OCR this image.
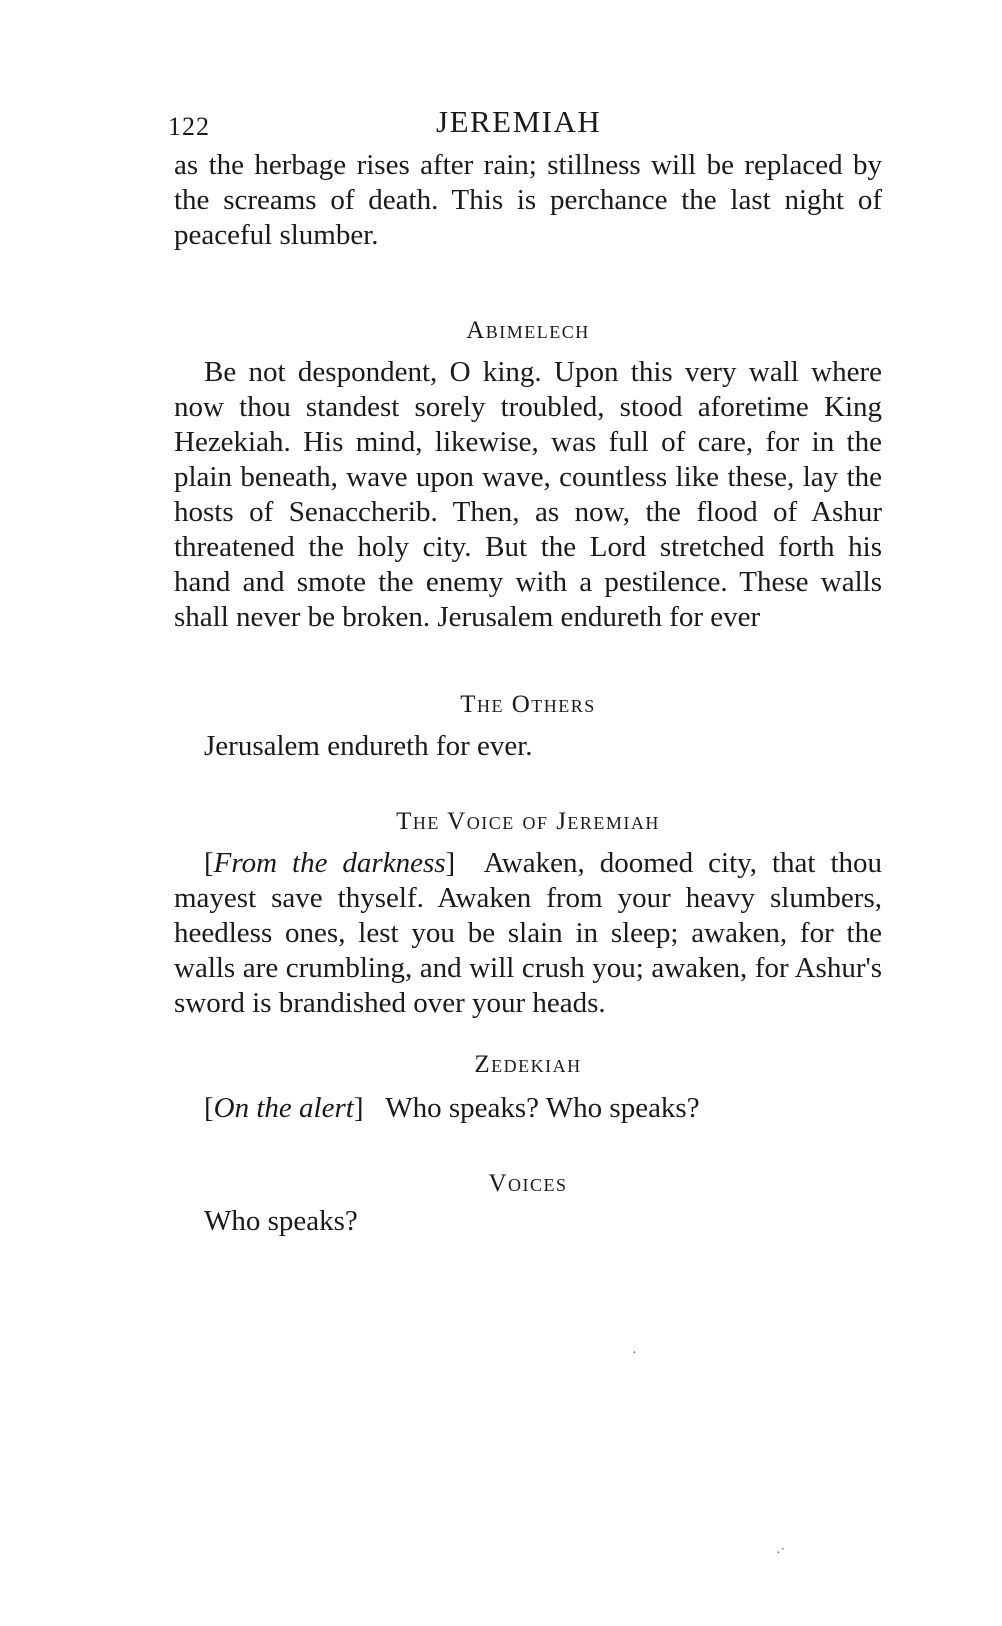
122	JEREMIAH

as the herbage rises after rain; stillness will be replaced by the screams of death. This is perchance the last night of peaceful slumber.

Abimelech

Be not despondent, O king. Upon this very wall where now thou standest sorely troubled, stood aforetime King Hezekiah. His mind, likewise, was full of care, for in the plain beneath, wave upon wave, countless like these, lay the hosts of Senaccherib. Then, as now, the flood of Ashur threatened the holy city. But the Lord stretched forth his hand and smote the enemy with a pestilence. These walls shall never be broken. Jerusalem endureth for ever

The Others

Jerusalem endureth for ever.

The Voice of Jeremiah

[From the darkness] Awaken, doomed city, that thou mayest save thyself. Awaken from your heavy slumbers, heedless ones, lest you be slain in sleep; awaken, for the walls are crumbling, and will crush you; awaken, for Ashur's sword is brandished over your heads.

Zedekiah

[On the alert] Who speaks? Who speaks?

Voices

Who speaks?

·
·˙
